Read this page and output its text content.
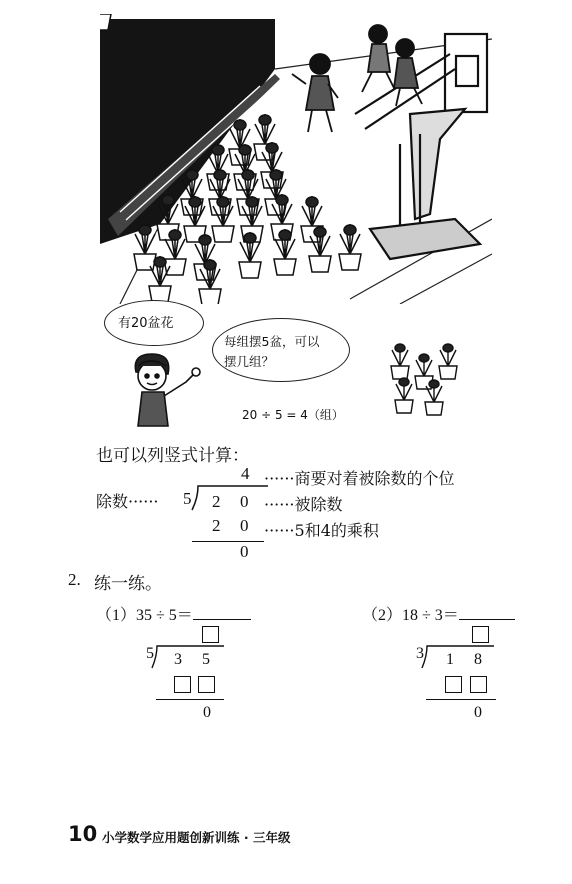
有20盆花
每组摆5盆，可以
摆几组？
20 ÷ 5 = 4（组）
也可以列竖式计算：
4 ······商要对着被除数的个位
除数······ 5 2 0 ······被除数
2 0 ······5和4的乘积
0
2. 练一练。
（1）35 ÷ 5＝
5 3 5
0
（2）18 ÷ 3＝
3 1 8
0
10 小学数学应用题创新训练 · 三年级
